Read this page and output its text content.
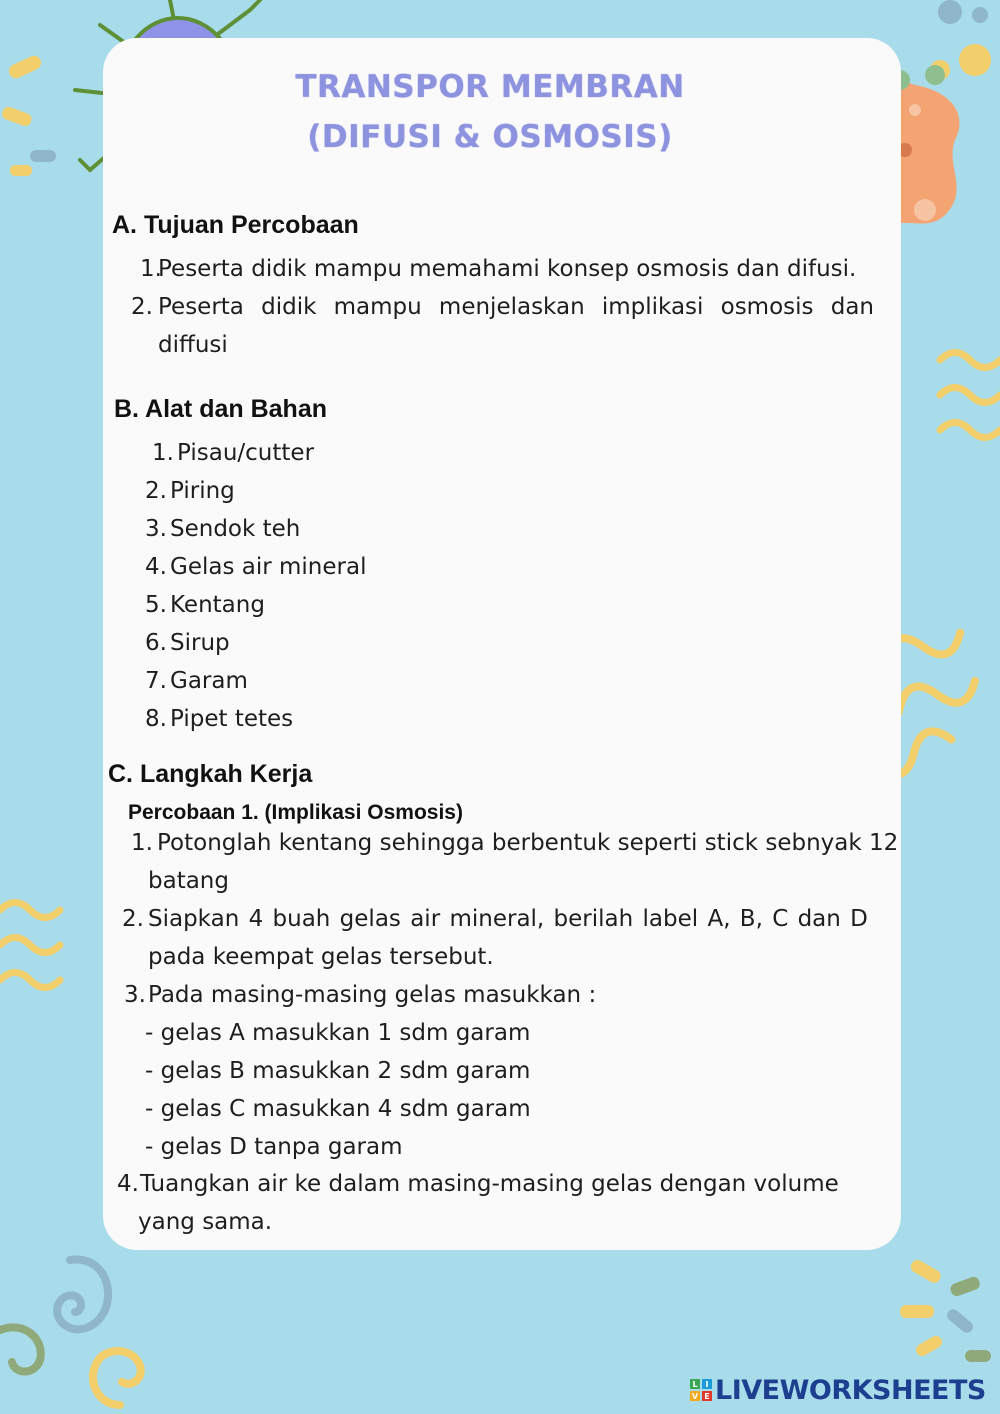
TRANSPOR MEMBRAN
(DIFUSI & OSMOSIS)
A. Tujuan Percobaan
1.Peserta didik mampu memahami konsep osmosis dan difusi.
2. Peserta didik mampu menjelaskan implikasi osmosis dan
diffusi
B. Alat dan Bahan
1. Pisau/cutter
2. Piring
3. Sendok teh
4. Gelas air mineral
5. Kentang
6. Sirup
7. Garam
8. Pipet tetes
C. Langkah Kerja
Percobaan 1. (Implikasi Osmosis)
1. Potonglah kentang sehingga berbentuk seperti stick sebnyak 12
batang
2. Siapkan 4 buah gelas air mineral, berilah label A, B, C dan D
pada keempat gelas tersebut.
3. Pada masing-masing gelas masukkan :
- gelas A masukkan 1 sdm garam
- gelas B masukkan 2 sdm garam
- gelas C masukkan 4 sdm garam
- gelas D tanpa garam
4. Tuangkan air ke dalam masing-masing gelas dengan volume
yang sama.
L I
V E LIVEWORKSHEETS
